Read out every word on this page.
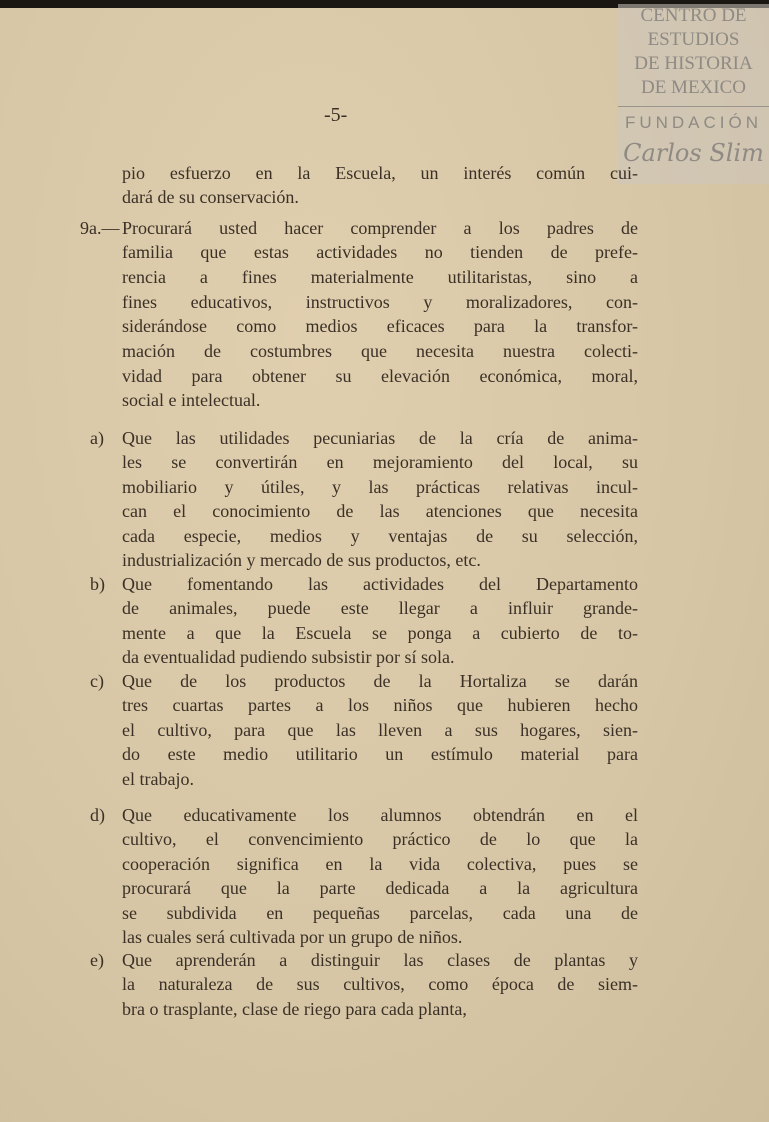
CENTRO DE
ESTUDIOS
DE HISTORIA
DE MEXICO
FUNDACIÓN
Carlos Slim
-5-
pio esfuerzo en la Escuela, un interés común cui-
dará de su conservación.
9a.— Procurará usted hacer comprender a los padres de
familia que estas actividades no tienden de prefe-
rencia a fines materialmente utilitaristas, sino a
fines educativos, instructivos y moralizadores, con-
siderándose como medios eficaces para la transfor-
mación de costumbres que necesita nuestra colecti-
vidad para obtener su elevación económica, moral,
social e intelectual.
a) Que las utilidades pecuniarias de la cría de anima-
les se convertirán en mejoramiento del local, su
mobiliario y útiles, y las prácticas relativas incul-
can el conocimiento de las atenciones que necesita
cada especie, medios y ventajas de su selección,
industrialización y mercado de sus productos, etc.
b) Que fomentando las actividades del Departamento
de animales, puede este llegar a influir grande-
mente a que la Escuela se ponga a cubierto de to-
da eventualidad pudiendo subsistir por sí sola.
c) Que de los productos de la Hortaliza se darán
tres cuartas partes a los niños que hubieren hecho
el cultivo, para que las lleven a sus hogares, sien-
do este medio utilitario un estímulo material para
el trabajo.
d) Que educativamente los alumnos obtendrán en el
cultivo, el convencimiento práctico de lo que la
cooperación significa en la vida colectiva, pues se
procurará que la parte dedicada a la agricultura
se subdivida en pequeñas parcelas, cada una de
las cuales será cultivada por un grupo de niños.
e) Que aprenderán a distinguir las clases de plantas y
la naturaleza de sus cultivos, como época de siem-
bra o trasplante, clase de riego para cada planta,
